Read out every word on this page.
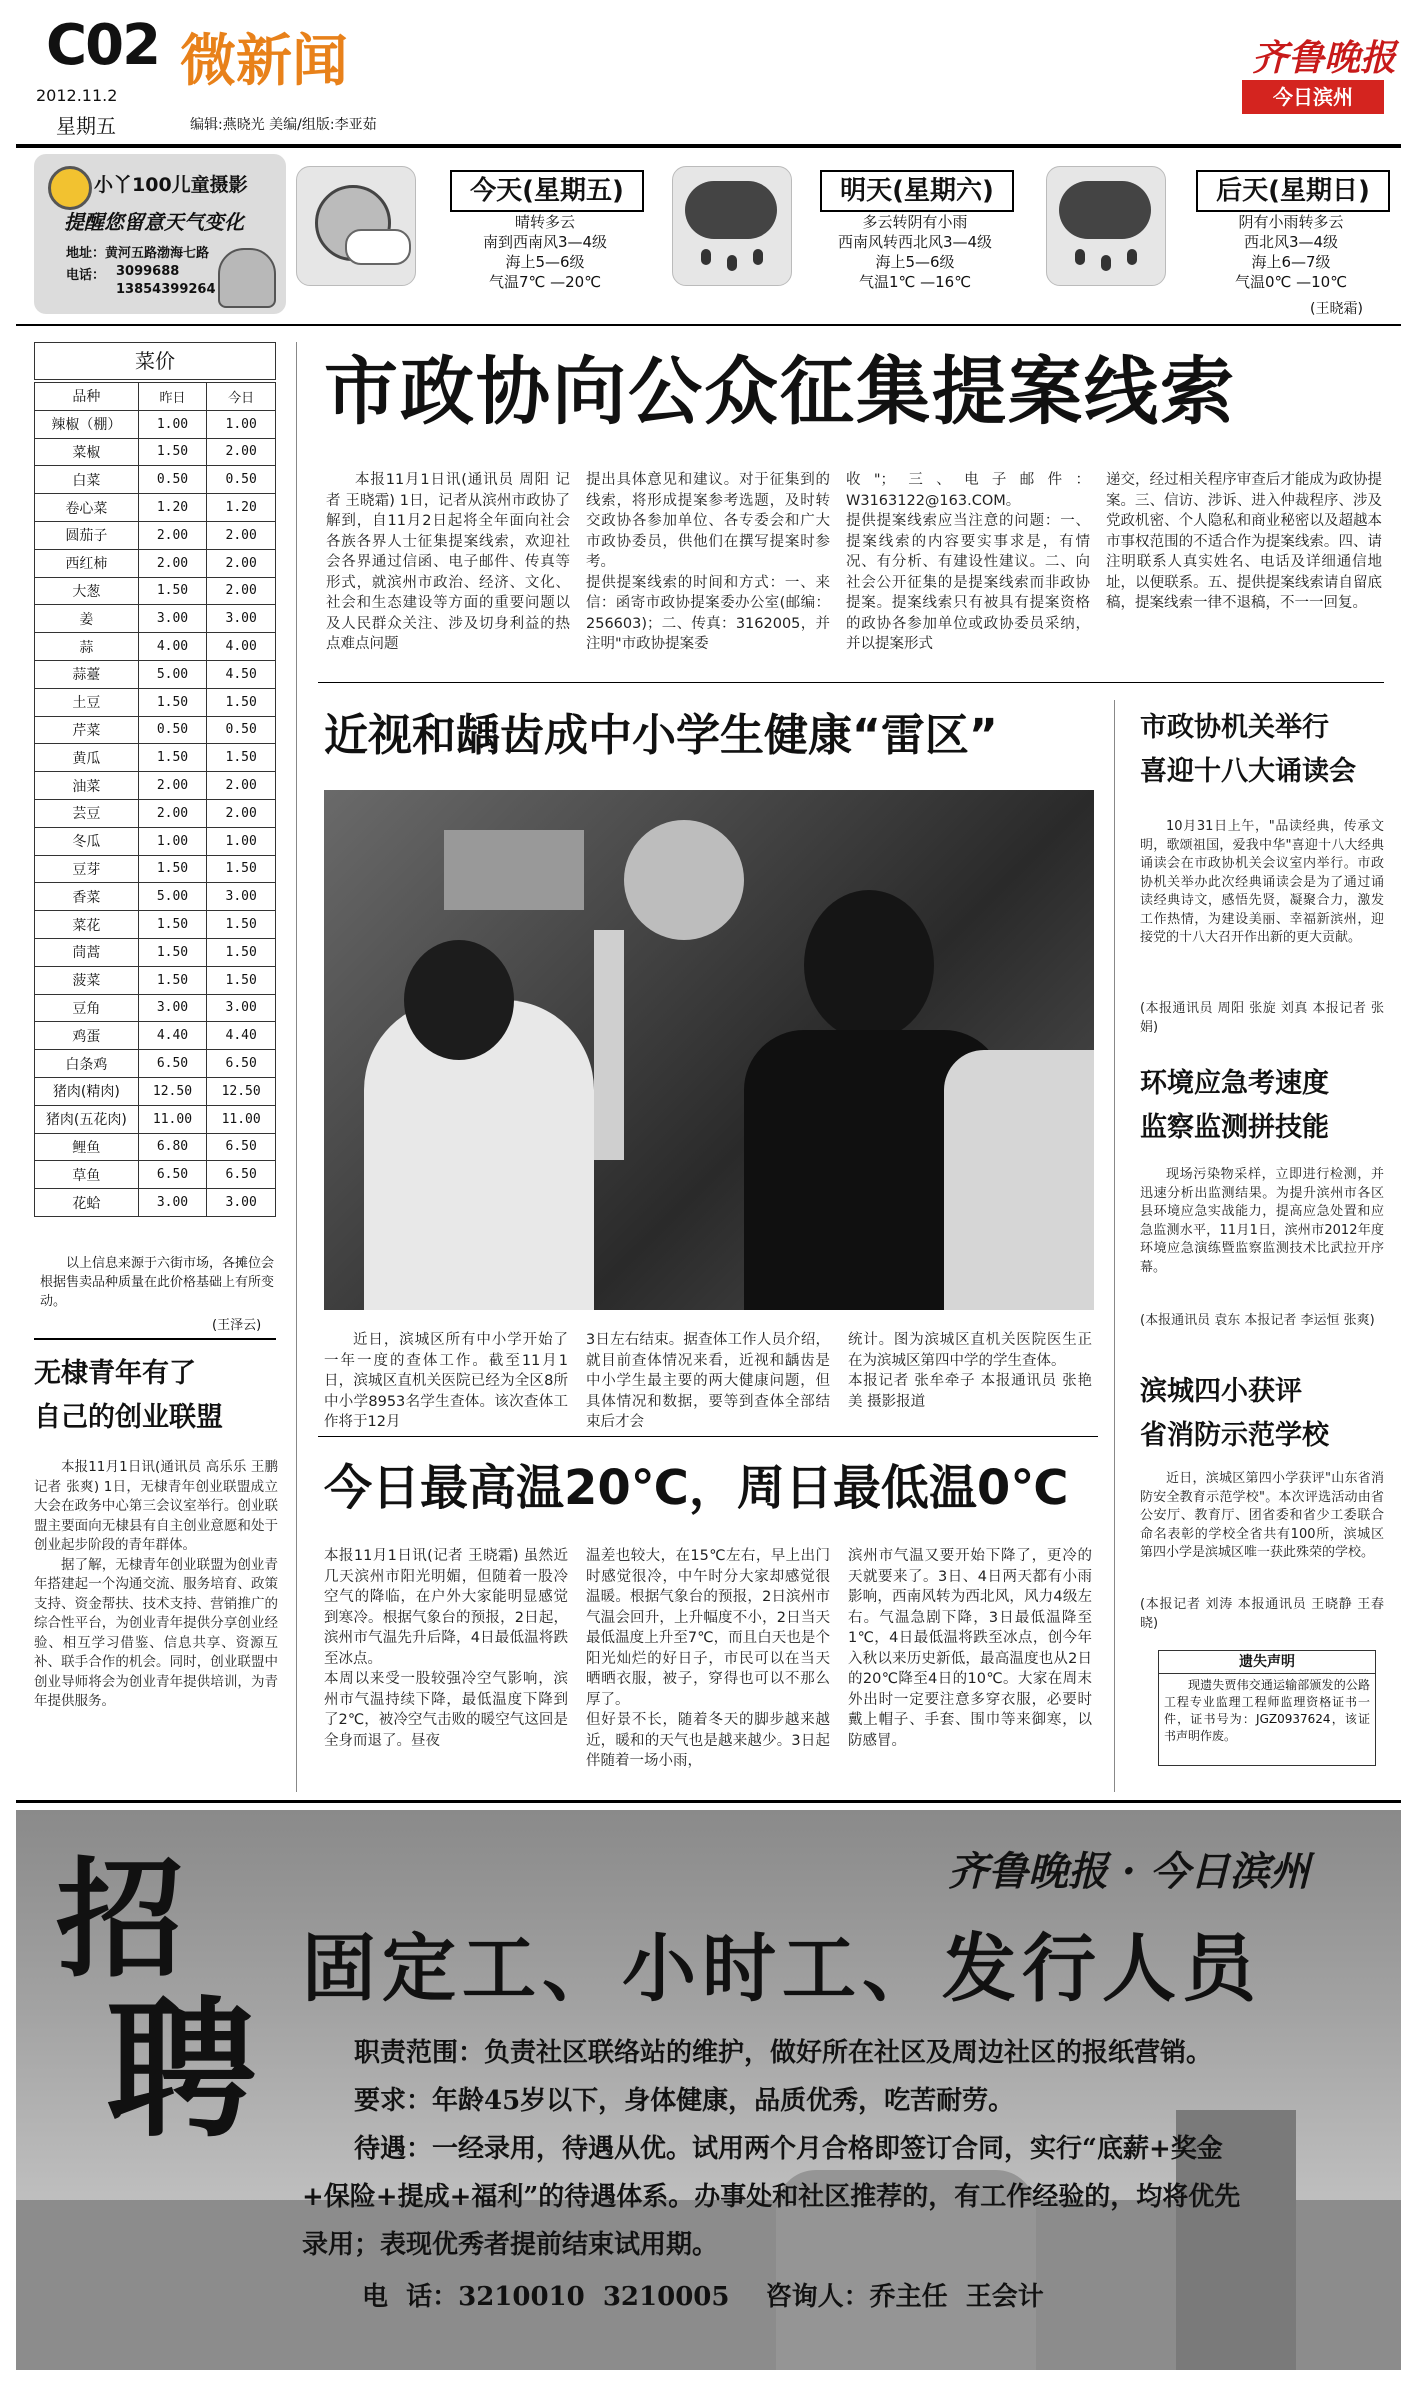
C02
2012.11.2
星期五
微新闻
编辑:燕晓光 美编/组版:李亚茹
齐鲁晚报
今日滨州
小丫100儿童摄影
提醒您留意天气变化
地址：黄河五路渤海七路
电话： 3099688
13854399264
今天(星期五)
晴转多云
南到西南风3—4级
海上5—6级
气温7℃ —20℃
明天(星期六)
多云转阴有小雨
西南风转西北风3—4级
海上5—6级
气温1℃ —16℃
后天(星期日)
阴有小雨转多云
西北风3—4级
海上6—7级
气温0℃ —10℃
(王晓霜)
菜价
品种	昨日	今日
辣椒（棚）	1.00	1.00
菜椒	1.50	2.00
白菜	0.50	0.50
卷心菜	1.20	1.20
圆茄子	2.00	2.00
西红柿	2.00	2.00
大葱	1.50	2.00
姜	3.00	3.00
蒜	4.00	4.00
蒜薹	5.00	4.50
土豆	1.50	1.50
芹菜	0.50	0.50
黄瓜	1.50	1.50
油菜	2.00	2.00
芸豆	2.00	2.00
冬瓜	1.00	1.00
豆芽	1.50	1.50
香菜	5.00	3.00
菜花	1.50	1.50
茼蒿	1.50	1.50
菠菜	1.50	1.50
豆角	3.00	3.00
鸡蛋	4.40	4.40
白条鸡	6.50	6.50
猪肉(精肉)	12.50	12.50
猪肉(五花肉)	11.00	11.00
鲤鱼	6.80	6.50
草鱼	6.50	6.50
花蛤	3.00	3.00
以上信息来源于六街市场，各摊位会根据售卖品种质量在此价格基础上有所变动。
(王泽云)
无棣青年有了
自己的创业联盟
本报11月1日讯(通讯员 高乐乐 王鹏 记者 张爽) 1日，无棣青年创业联盟成立大会在政务中心第三会议室举行。创业联盟主要面向无棣县有自主创业意愿和处于创业起步阶段的青年群体。
据了解，无棣青年创业联盟为创业青年搭建起一个沟通交流、服务培育、政策支持、资金帮扶、技术支持、营销推广的综合性平台，为创业青年提供分享创业经验、相互学习借鉴、信息共享、资源互补、联手合作的机会。同时，创业联盟中创业导师将会为创业青年提供培训，为青年提供服务。
市政协向公众征集提案线索
本报11月1日讯(通讯员 周阳 记者 王晓霜) 1日，记者从滨州市政协了解到，自11月2日起将全年面向社会各族各界人士征集提案线索，欢迎社会各界通过信函、电子邮件、传真等形式，就滨州市政治、经济、文化、社会和生态建设等方面的重要问题以及人民群众关注、涉及切身利益的热点难点问题
提出具体意见和建议。对于征集到的线索，将形成提案参考选题，及时转交政协各参加单位、各专委会和广大市政协委员，供他们在撰写提案时参考。
提供提案线索的时间和方式：一、来信：函寄市政协提案委办公室(邮编：256603)；二、传真：3162005，并注明"市政协提案委
收"；三、电子邮件：W3163122@163.COM。
提供提案线索应当注意的问题：一、提案线索的内容要实事求是，有情况、有分析、有建设性建议。二、向社会公开征集的是提案线索而非政协提案。提案线索只有被具有提案资格的政协各参加单位或政协委员采纳，并以提案形式
递交，经过相关程序审查后才能成为政协提案。三、信访、涉诉、进入仲裁程序、涉及党政机密、个人隐私和商业秘密以及超越本市事权范围的不适合作为提案线索。四、请注明联系人真实姓名、电话及详细通信地址，以便联系。五、提供提案线索请自留底稿，提案线索一律不退稿，不一一回复。
近视和龋齿成中小学生健康“雷区”
近日，滨城区所有中小学开始了一年一度的查体工作。截至11月1日，滨城区直机关医院已经为全区8所中小学8953名学生查体。该次查体工作将于12月
3日左右结束。据查体工作人员介绍，就目前查体情况来看，近视和龋齿是中小学生最主要的两大健康问题，但具体情况和数据，要等到查体全部结束后才会
统计。图为滨城区直机关医院医生正在为滨城区第四中学的学生查体。
本报记者 张牟牵子 本报通讯员 张艳美 摄影报道
今日最高温20℃，周日最低温0℃
本报11月1日讯(记者 王晓霜) 虽然近几天滨州市阳光明媚，但随着一股冷空气的降临，在户外大家能明显感觉到寒冷。根据气象台的预报，2日起，滨州市气温先升后降，4日最低温将跌至冰点。
本周以来受一股较强冷空气影响，滨州市气温持续下降，最低温度下降到了2℃，被冷空气击败的暖空气这回是全身而退了。昼夜
温差也较大，在15℃左右，早上出门时感觉很冷，中午时分大家却感觉很温暖。根据气象台的预报，2日滨州市气温会回升，上升幅度不小，2日当天最低温度上升至7℃，而且白天也是个阳光灿烂的好日子，市民可以在当天晒晒衣服，被子，穿得也可以不那么厚了。
但好景不长，随着冬天的脚步越来越近，暖和的天气也是越来越少。3日起伴随着一场小雨，
滨州市气温又要开始下降了，更冷的天就要来了。3日、4日两天都有小雨影响，西南风转为西北风，风力4级左右。气温急剧下降，3日最低温降至1℃，4日最低温将跌至冰点，创今年入秋以来历史新低，最高温度也从2日的20℃降至4日的10℃。大家在周末外出时一定要注意多穿衣服，必要时戴上帽子、手套、围巾等来御寒，以防感冒。
市政协机关举行
喜迎十八大诵读会
10月31日上午，"品读经典，传承文明，歌颂祖国，爱我中华"喜迎十八大经典诵读会在市政协机关会议室内举行。市政协机关举办此次经典诵读会是为了通过诵读经典诗文，感悟先贤，凝聚合力，激发工作热情，为建设美丽、幸福新滨州，迎接党的十八大召开作出新的更大贡献。
(本报通讯员 周阳 张旋 刘真 本报记者 张娟)
环境应急考速度
监察监测拼技能
现场污染物采样，立即进行检测，并迅速分析出监测结果。为提升滨州市各区县环境应急实战能力，提高应急处置和应急监测水平，11月1日，滨州市2012年度环境应急演练暨监察监测技术比武拉开序幕。
(本报通讯员 袁东 本报记者 李运恒 张爽)
滨城四小获评
省消防示范学校
近日，滨城区第四小学获评"山东省消防安全教育示范学校"。本次评选活动由省公安厅、教育厅、团省委和省少工委联合命名表彰的学校全省共有100所，滨城区第四小学是滨城区唯一获此殊荣的学校。
(本报记者 刘涛 本报通讯员 王晓静 王春晓)
遗失声明
现遗失贾伟交通运输部颁发的公路工程专业监理工程师监理资格证书一件，证书号为：JGZ0937624，该证书声明作废。
招
聘
齐鲁晚报 · 今日滨州
固定工、小时工、发行人员
职责范围：负责社区联络站的维护，做好所在社区及周边社区的报纸营销。
要求：年龄45岁以下，身体健康，品质优秀，吃苦耐劳。
待遇：一经录用，待遇从优。试用两个月合格即签订合同，实行“底薪+奖金
+保险+提成+福利”的待遇体系。办事处和社区推荐的，有工作经验的，均将优先
录用；表现优秀者提前结束试用期。
电  话：3210010  3210005    咨询人：乔主任  王会计
